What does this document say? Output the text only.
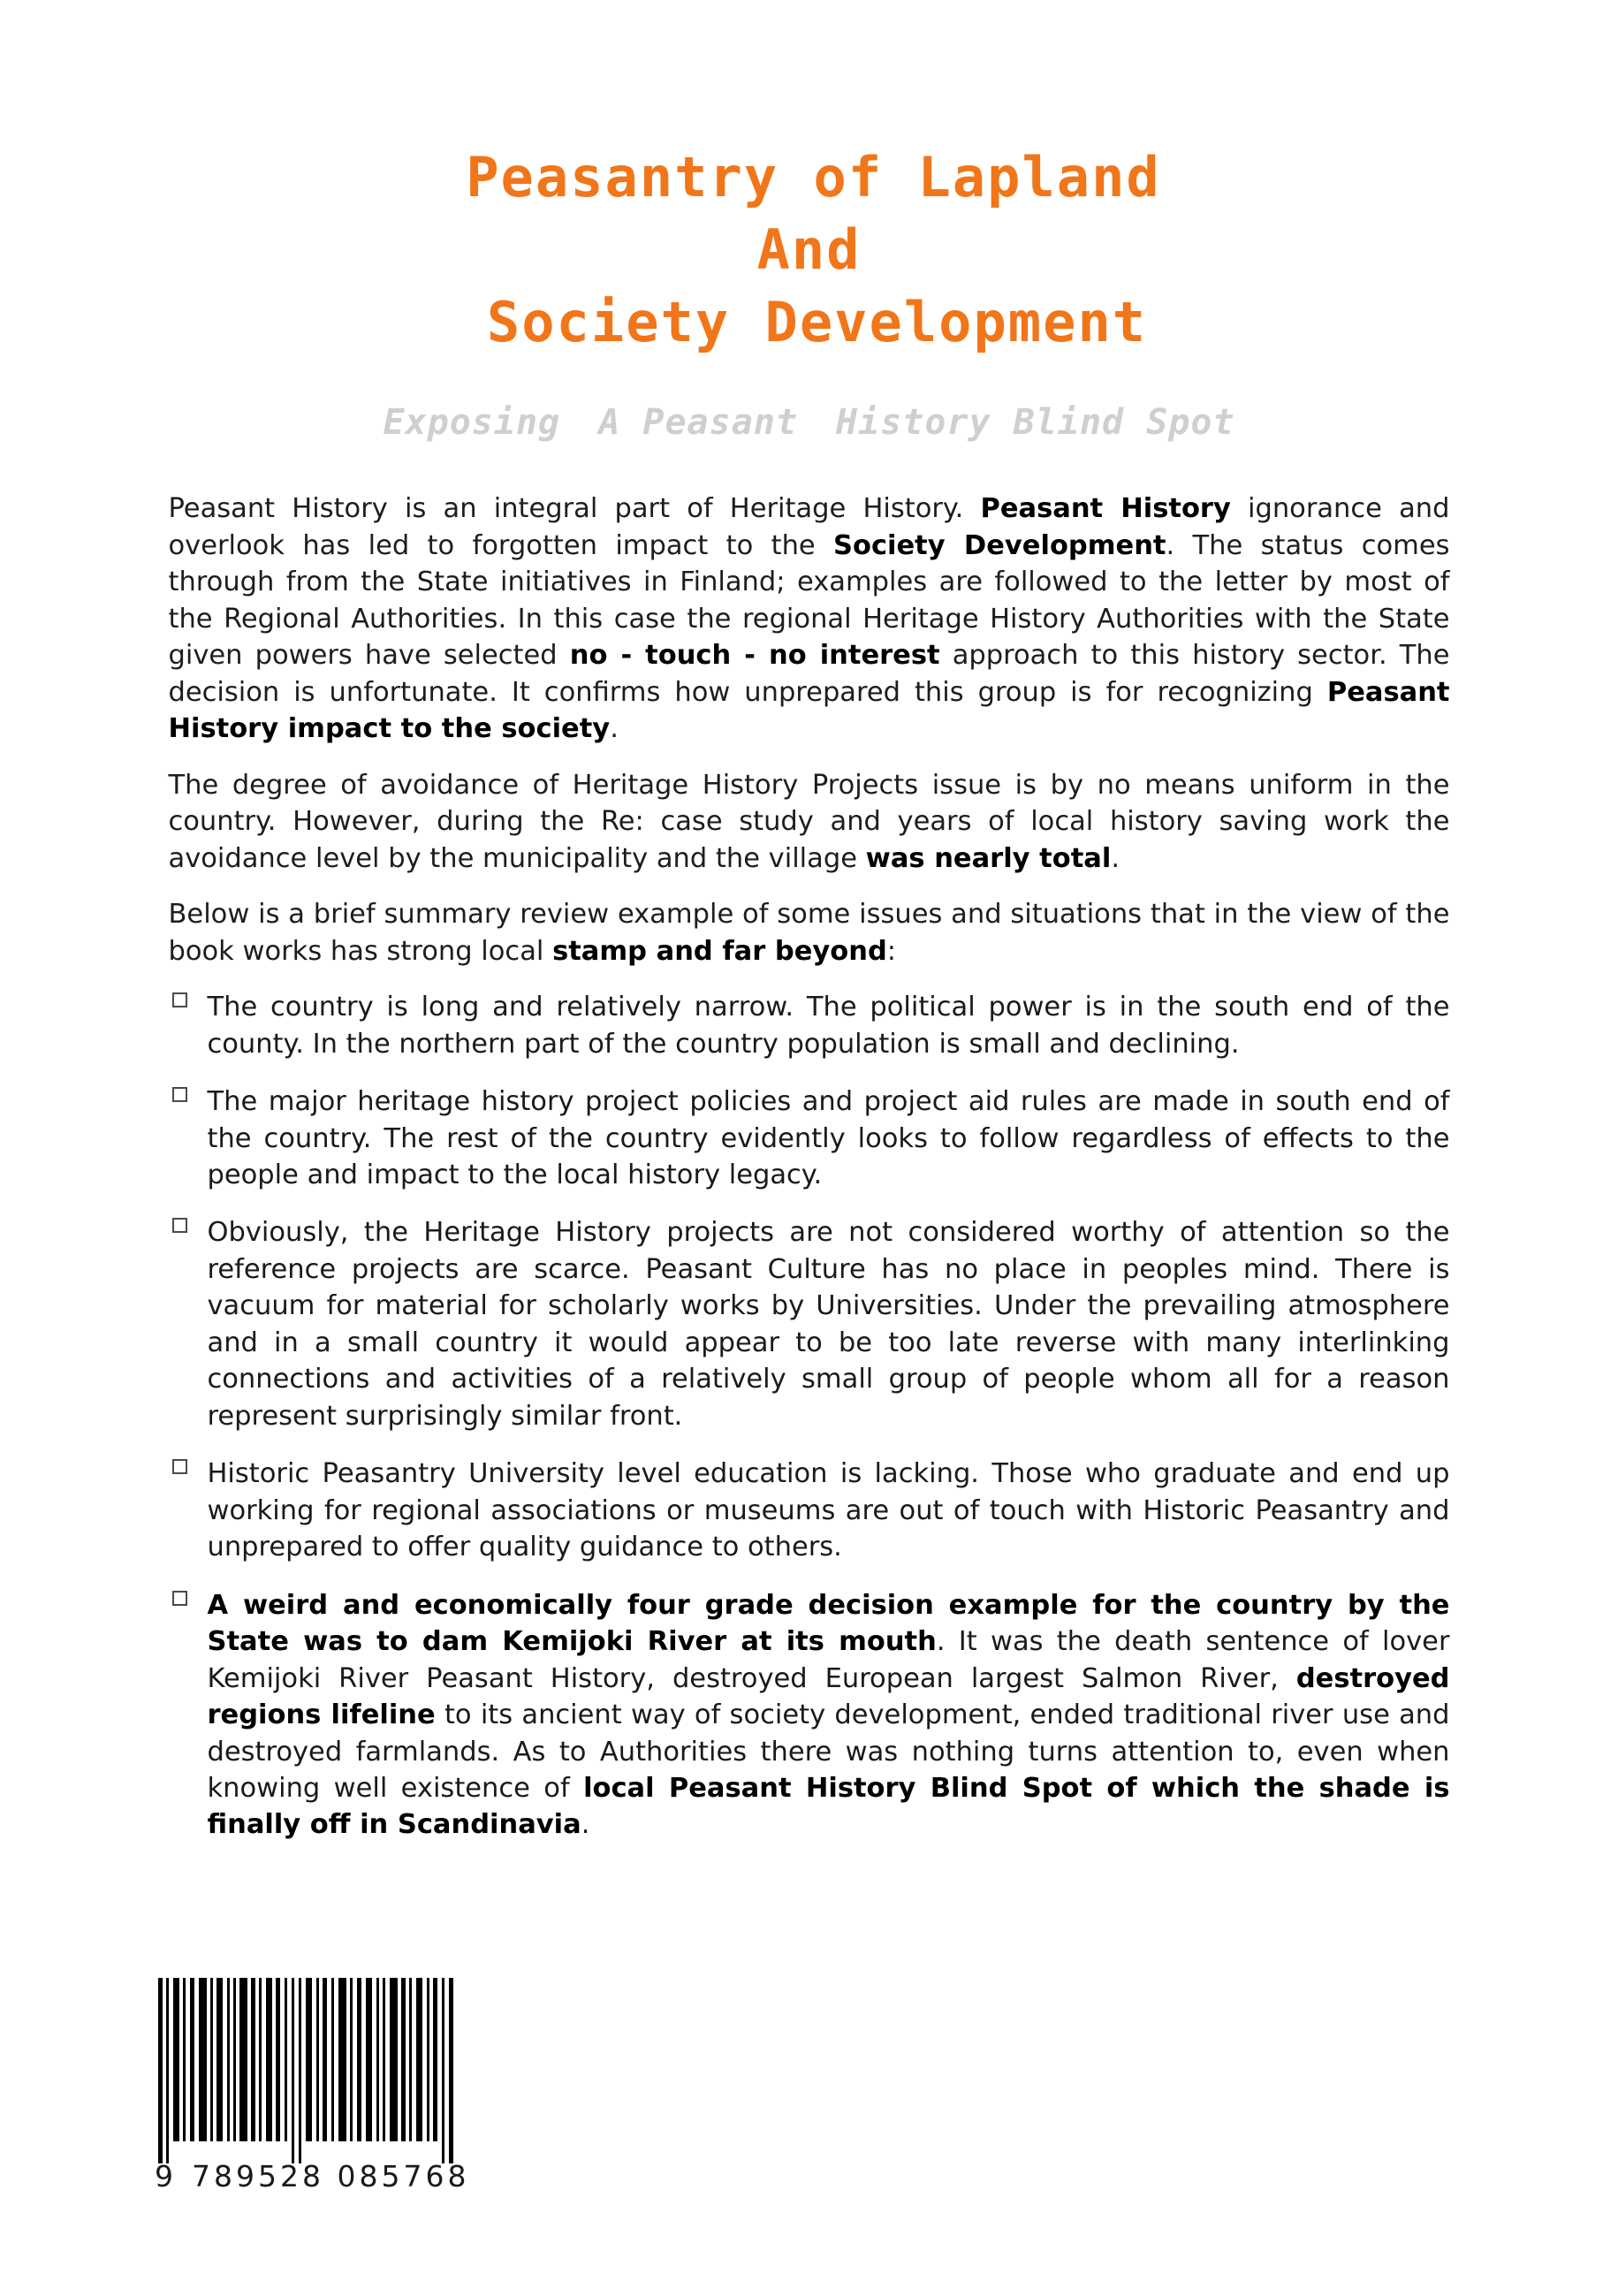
Peasantry of Lapland
And
Society Development
Exposing A Peasant History Blind Spot

Peasant History is an integral part of Heritage History. Peasant History ignorance and overlook has led to forgotten impact to the Society Development. The status comes through from the State initiatives in Finland; examples are followed to the letter by most of the Regional Authorities. In this case the regional Heritage History Authorities with the State given powers have selected no - touch - no interest approach to this history sector. The decision is unfortunate. It confirms how unprepared this group is for recognizing Peasant History impact to the society.

The degree of avoidance of Heritage History Projects issue is by no means uniform in the country. However, during the Re: case study and years of local history saving work the avoidance level by the municipality and the village was nearly total.

Below is a brief summary review example of some issues and situations that in the view of the book works has strong local stamp and far beyond:

The country is long and relatively narrow. The political power is in the south end of the county. In the northern part of the country population is small and declining.
The major heritage history project policies and project aid rules are made in south end of the country. The rest of the country evidently looks to follow regardless of effects to the people and impact to the local history legacy.
Obviously, the Heritage History projects are not considered worthy of attention so the reference projects are scarce. Peasant Culture has no place in peoples mind. There is vacuum for material for scholarly works by Universities. Under the prevailing atmosphere and in a small country it would appear to be too late reverse with many interlinking connections and activities of a relatively small group of people whom all for a reason represent surprisingly similar front.
Historic Peasantry University level education is lacking. Those who graduate and end up working for regional associations or museums are out of touch with Historic Peasantry and unprepared to offer quality guidance to others.
A weird and economically four grade decision example for the country by the State was to dam Kemijoki River at its mouth. It was the death sentence of lover Kemijoki River Peasant History, destroyed European largest Salmon River, destroyed regions lifeline to its ancient way of society development, ended traditional river use and destroyed farmlands. As to Authorities there was nothing turns attention to, even when knowing well existence of local Peasant History Blind Spot of which the shade is finally off in Scandinavia.
9 789528 085768
